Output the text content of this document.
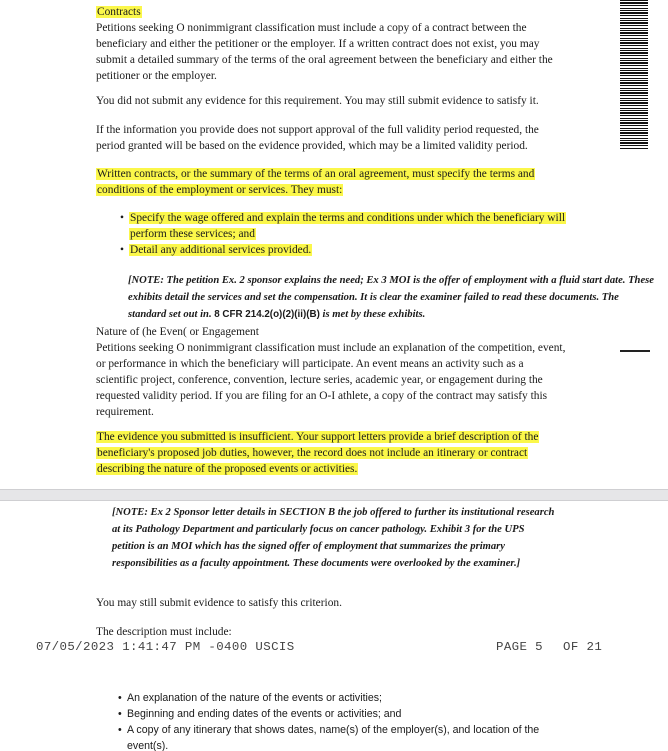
Contracts
Petitions seeking O nonimmigrant classification must include a copy of a contract between the beneficiary and either the petitioner or the employer. If a written contract does not exist, you may submit a detailed summary of the terms of the oral agreement between the beneficiary and either the petitioner or the employer.
You did not submit any evidence for this requirement. You may still submit evidence to satisfy it.
If the information you provide does not support approval of the full validity period requested, the period granted will be based on the evidence provided, which may be a limited validity period.
Written contracts, or the summary of the terms of an oral agreement, must specify the terms and conditions of the employment or services. They must:
• Specify the wage offered and explain the terms and conditions under which the beneficiary will perform these services; and
• Detail any additional services provided.
[NOTE: The petition Ex. 2 sponsor explains the need; Ex 3 MOI is the offer of employment with a fluid start date. These exhibits detail the services and set the compensation. It is clear the examiner failed to read these documents. The standard set out in. 8 CFR 214.2(o)(2)(ii)(B) is met by these exhibits.
Nature of (he Even( or Engagement
Petitions seeking O nonimmigrant classification must include an explanation of the competition, event, or performance in which the beneficiary will participate. An event means an activity such as a scientific project, conference, convention, lecture series, academic year, or engagement during the requested validity period. If you are filing for an O-I athlete, a copy of the contract may satisfy this requirement.
The evidence you submitted is insufficient. Your support letters provide a brief description of the beneficiary's proposed job duties, however, the record does not include an itinerary or contract describing the nature of the proposed events or activities.
[NOTE: Ex 2 Sponsor letter details in SECTION B the job offered to further its institutional research at its Pathology Department and particularly focus on cancer pathology. Exhibit 3 for the UPS petition is an MOI which has the signed offer of employment that summarizes the primary responsibilities as a faculty appointment. These documents were overlooked by the examiner.]
You may still submit evidence to satisfy this criterion.
The description must include:
07/05/2023 1:41:47 PM -0400 USCIS	PAGE 5 OF 21
• An explanation of the nature of the events or activities;
• Beginning and ending dates of the events or activities; and
• A copy of any itinerary that shows dates, name(s) of the employer(s), and location of the event(s).
